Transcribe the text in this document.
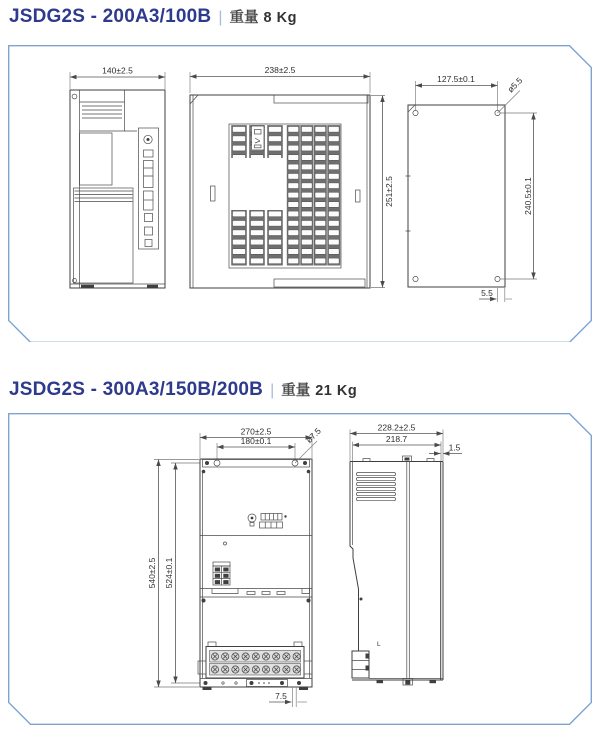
JSDG2S - 200A3/100B | 重量 8 Kg
140±2.5	238±2.5
251±2.5
127.5±0.1	ø5.5
240.5±0.1
5.5
JSDG2S - 300A3/150B/200B | 重量 21 Kg
270±2.5
180±0.1
540±2.5 524±0.1
ø7.5
7.5
228.2±2.5
218.7
1.5
L
